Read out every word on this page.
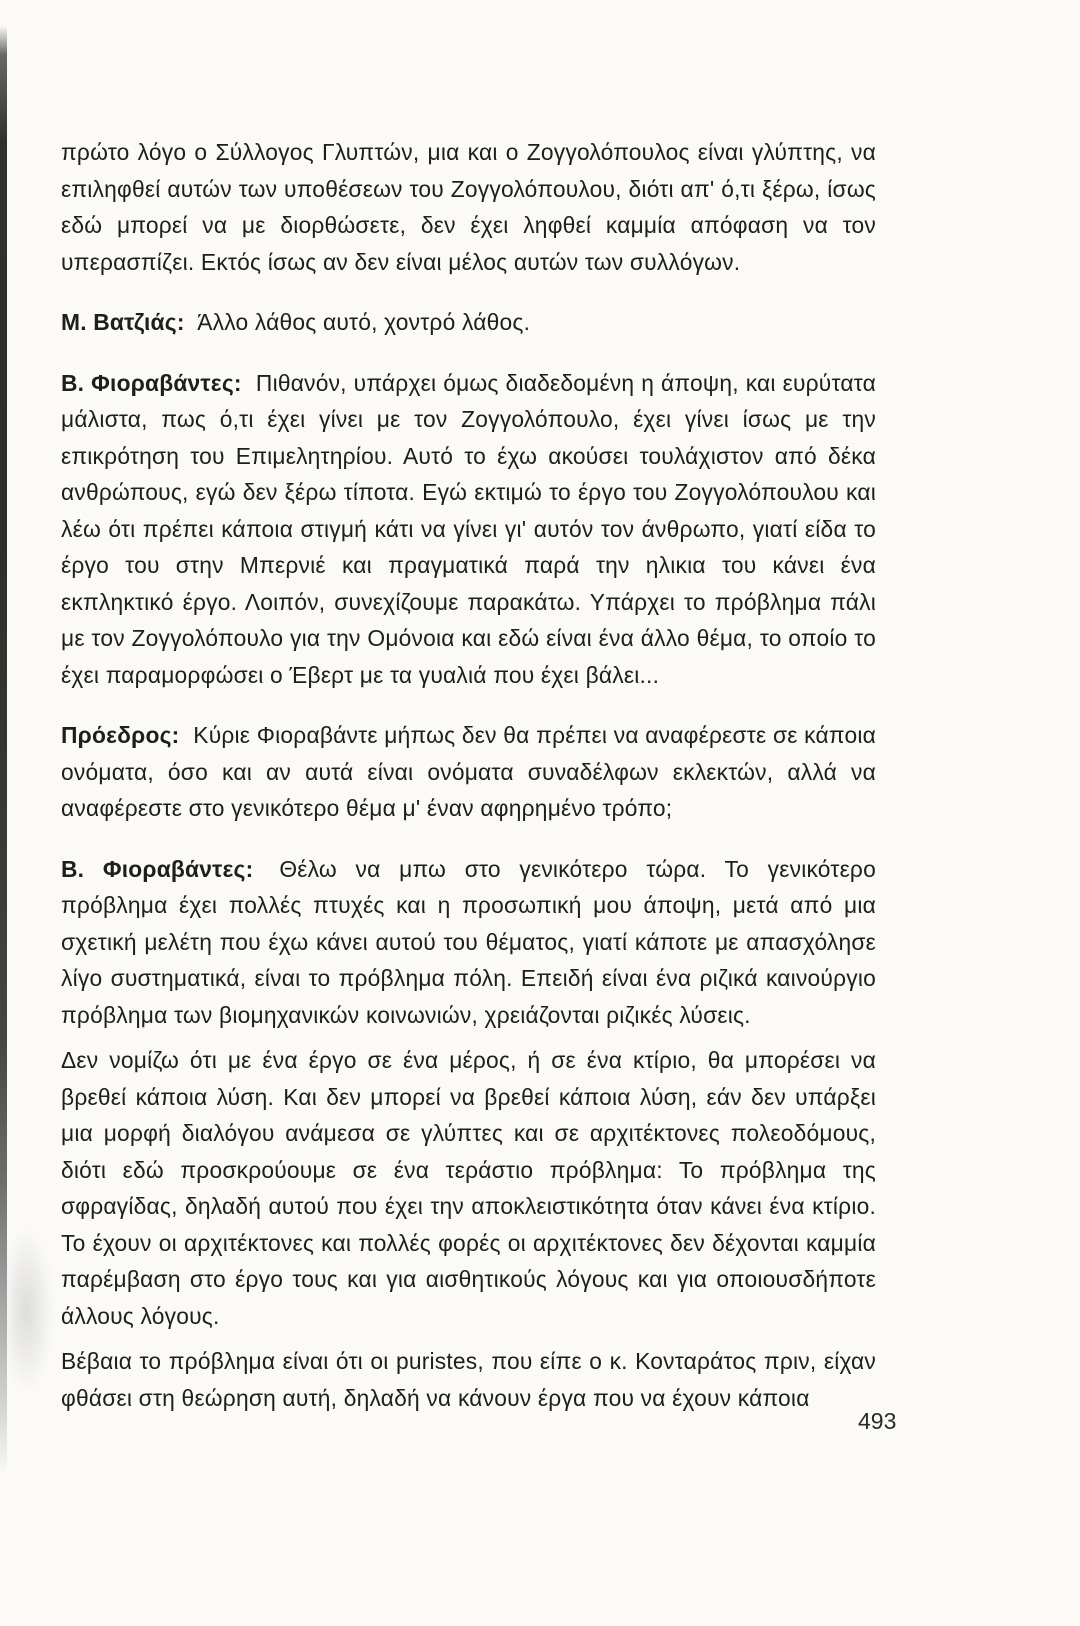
πρώτο λόγο ο Σύλλογος Γλυπτών, μια και ο Ζογγολόπουλος είναι γλύπτης, να επιληφθεί αυτών των υποθέσεων του Ζογγολόπουλου, διότι απ' ό,τι ξέρω, ίσως εδώ μπορεί να με διορθώσετε, δεν έχει ληφθεί καμμία απόφαση να τον υπερασπίζει. Εκτός ίσως αν δεν είναι μέλος αυτών των συλλόγων.

Μ. Βατζιάς: Άλλο λάθος αυτό, χοντρό λάθος.

Β. Φιοραβάντες: Πιθανόν, υπάρχει όμως διαδεδομένη η άποψη, και ευρύτατα μάλιστα, πως ό,τι έχει γίνει με τον Ζογγολόπουλο, έχει γίνει ίσως με την επικρότηση του Επιμελητηρίου. Αυτό το έχω ακούσει τουλάχιστον από δέκα ανθρώπους, εγώ δεν ξέρω τίποτα. Εγώ εκτιμώ το έργο του Ζογγολόπουλου και λέω ότι πρέπει κάποια στιγμή κάτι να γίνει γι' αυτόν τον άνθρωπο, γιατί είδα το έργο του στην Μπερνιέ και πραγματικά παρά την ηλικια του κάνει ένα εκπληκτικό έργο. Λοιπόν, συνεχίζουμε παρακάτω. Υπάρχει το πρόβλημα πάλι με τον Ζογγολόπουλο για την Ομόνοια και εδώ είναι ένα άλλο θέμα, το οποίο το έχει παραμορφώσει ο Έβερτ με τα γυαλιά που έχει βάλει...

Πρόεδρος: Κύριε Φιοραβάντε μήπως δεν θα πρέπει να αναφέρεστε σε κάποια ονόματα, όσο και αν αυτά είναι ονόματα συναδέλφων εκλεκτών, αλλά να αναφέρεστε στο γενικότερο θέμα μ' έναν αφηρημένο τρόπο;

Β. Φιοραβάντες: Θέλω να μπω στο γενικότερο τώρα. Το γενικότερο πρόβλημα έχει πολλές πτυχές και η προσωπική μου άποψη, μετά από μια σχετική μελέτη που έχω κάνει αυτού του θέματος, γιατί κάποτε με απασχόλησε λίγο συστηματικά, είναι το πρόβλημα πόλη. Επειδή είναι ένα ριζικά καινούργιο πρόβλημα των βιομηχανικών κοινωνιών, χρειάζονται ριζικές λύσεις.

Δεν νομίζω ότι με ένα έργο σε ένα μέρος, ή σε ένα κτίριο, θα μπορέσει να βρεθεί κάποια λύση. Και δεν μπορεί να βρεθεί κάποια λύση, εάν δεν υπάρξει μια μορφή διαλόγου ανάμεσα σε γλύπτες και σε αρχιτέκτονες πολεοδόμους, διότι εδώ προσκρούουμε σε ένα τεράστιο πρόβλημα: Το πρόβλημα της σφραγίδας, δηλαδή αυτού που έχει την αποκλειστικότητα όταν κάνει ένα κτίριο. Το έχουν οι αρχιτέκτονες και πολλές φορές οι αρχιτέκτονες δεν δέχονται καμμία παρέμβαση στο έργο τους και για αισθητικούς λόγους και για οποιουσδήποτε άλλους λόγους.

Βέβαια το πρόβλημα είναι ότι οι puristes, που είπε ο κ. Κονταράτος πριν, είχαν φθάσει στη θεώρηση αυτή, δηλαδή να κάνουν έργα που να έχουν κάποια

493
